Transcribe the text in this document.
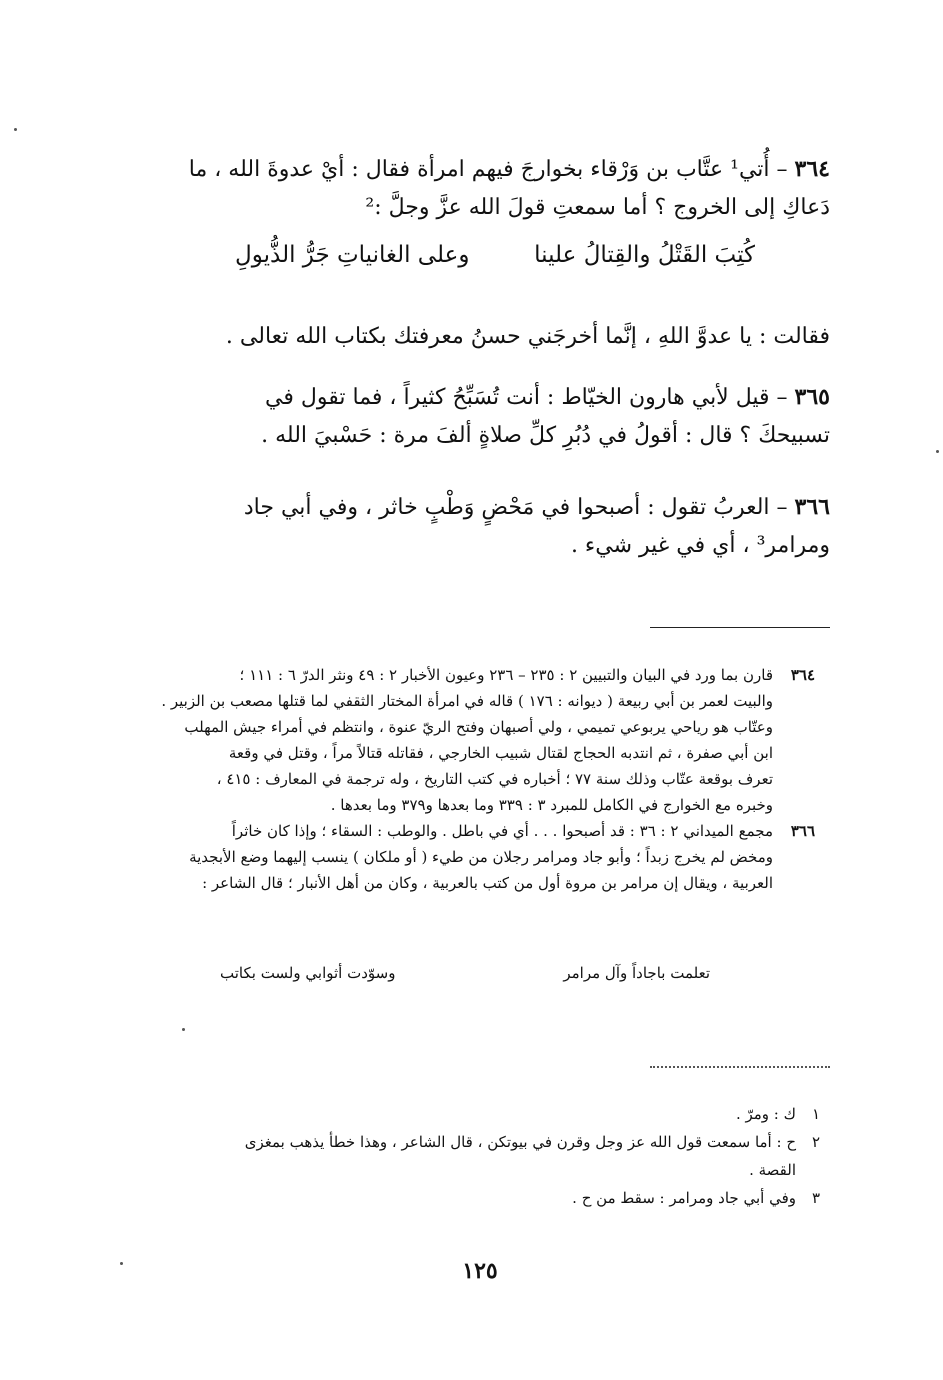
٣٦٤ – أُتي¹ عتَّاب بن وَرْقاء بخوارجَ فيهم امرأة فقال : أيْ عدوةَ الله ، ما
دَعاكِ إلى الخروج ؟ أما سمعتِ قولَ الله عزَّ وجلَّ :²
كُتِبَ القَتْلُ والقِتالُ علينا
وعلى الغانياتِ جَرُّ الذُّيولِ
فقالت : يا عدوَّ اللهِ ، إنَّما أخرجَني حسنُ معرفتك بكتاب الله تعالى .
٣٦٥ – قيل لأبي هارون الخيّاط : أنت تُسَبِّحُ كثيراً ، فما تقول في
تسبيحكَ ؟ قال : أقولُ في دُبُرِ كلِّ صلاةٍ ألفَ مرة : حَسْبيَ الله .
٣٦٦ – العربُ تقول : أصبحوا في مَحْضٍ وَطْبٍ خاثر ، وفي أبي جاد
ومرامر³ ، أي في غير شيء .
٣٦٤
قارن بما ورد في البيان والتبيين ٢ : ٢٣٥ – ٢٣٦ وعيون الأخبار ٢ : ٤٩ ونثر الدرّ ٦ : ١١١ ؛
والبيت لعمر بن أبي ربيعة ( ديوانه : ١٧٦ ) قاله في امرأة المختار الثقفي لما قتلها مصعب بن الزبير .
وعتّاب هو رياحي يربوعي تميمي ، ولي أصبهان وفتح الريّ عنوة ، وانتظم في أمراء جيش المهلب
ابن أبي صفرة ، ثم انتدبه الحجاج لقتال شبيب الخارجي ، فقاتله قتالاً مراً ، وقتل في وقعة
تعرف بوقعة عتّاب وذلك سنة ٧٧ ؛ أخباره في كتب التاريخ ، وله ترجمة في المعارف : ٤١٥ ،
وخبره مع الخوارج في الكامل للمبرد ٣ : ٣٣٩ وما بعدها و٣٧٩ وما بعدها .
٣٦٦
مجمع الميداني ٢ : ٣٦ : قد أصبحوا . . . أي في باطل . والوطب : السقاء ؛ وإذا كان خاثراً
ومخض لم يخرج زبداً ؛ وأبو جاد ومرامر رجلان من طيء ( أو ملكان ) ينسب إليهما وضع الأبجدية
العربية ، ويقال إن مرامر بن مروة أول من كتب بالعربية ، وكان من أهل الأنبار ؛ قال الشاعر :
تعلمت باجاداً وآل مرامر
وسوّدت أثوابي ولست بكاتب
١
ك : ومرّ .
٢
ح : أما سمعت قول الله عز وجل وقرن في بيوتكن ، قال الشاعر ، وهذا خطأ يذهب بمغزى
القصة .
٣
وفي أبي جاد ومرامر : سقط من ح .
١٢٥
